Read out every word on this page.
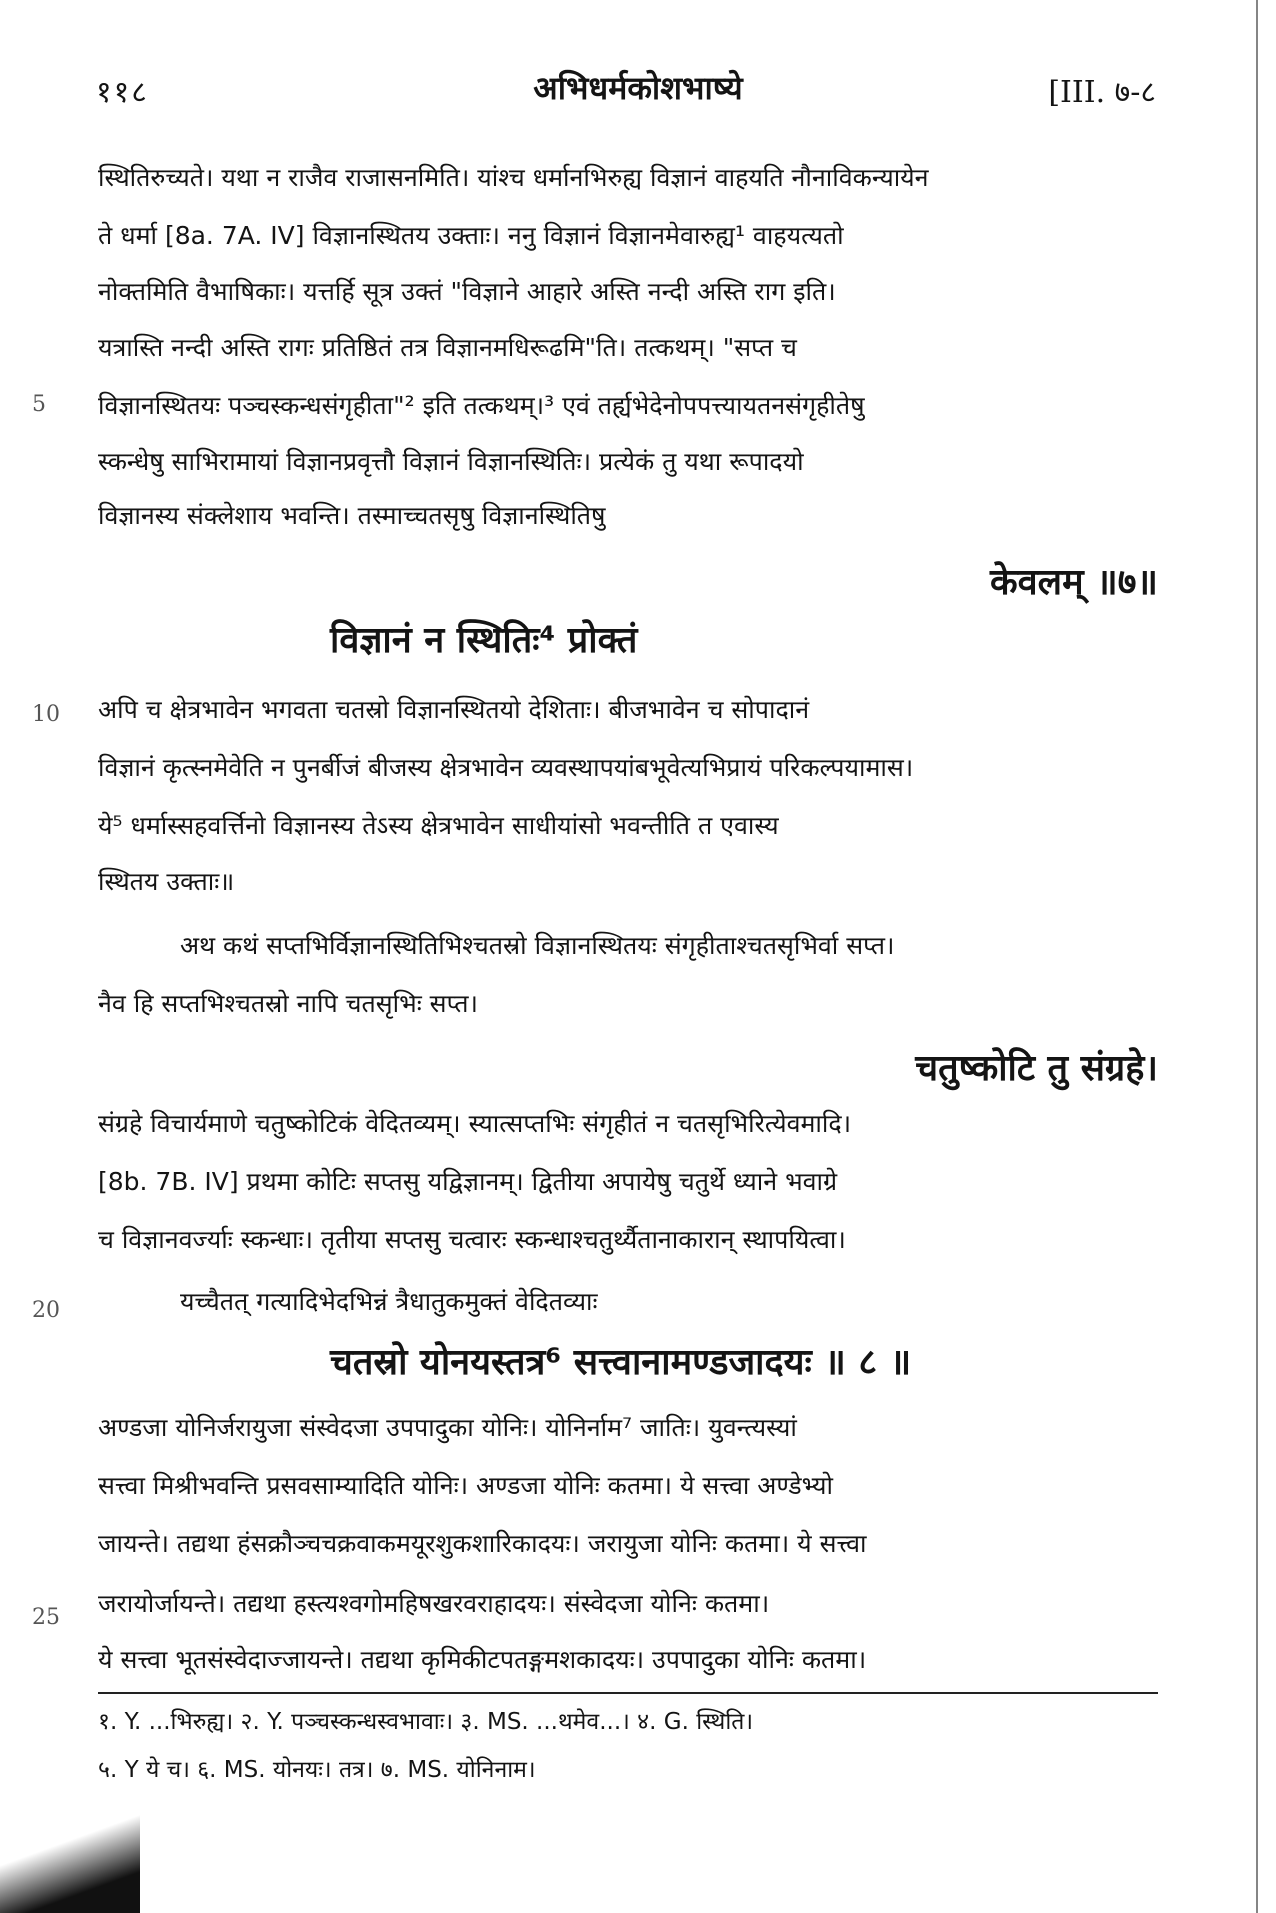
११८	अभिधर्मकोशभाष्ये	[III. ७-८
5
10
20
25
स्थितिरुच्यते। यथा न राजैव राजासनमिति। यांश्च धर्मानभिरुह्य विज्ञानं वाहयति नौनाविकन्यायेन
ते धर्मा [8a. 7A. IV] विज्ञानस्थितय उक्ताः। ननु विज्ञानं विज्ञानमेवारुह्य¹ वाहयत्यतो
नोक्तमिति वैभाषिकाः। यत्तर्हि सूत्र उक्तं "विज्ञाने आहारे अस्ति नन्दी अस्ति राग इति।
यत्रास्ति नन्दी अस्ति रागः प्रतिष्ठितं तत्र विज्ञानमधिरूढमि"ति। तत्कथम्। "सप्त च
विज्ञानस्थितयः पञ्चस्कन्धसंगृहीता"² इति तत्कथम्।³ एवं तर्ह्यभेदेनोपपत्त्यायतनसंगृहीतेषु
स्कन्धेषु साभिरामायां विज्ञानप्रवृत्तौ विज्ञानं विज्ञानस्थितिः। प्रत्येकं तु यथा रूपादयो
विज्ञानस्य संक्लेशाय भवन्ति। तस्माच्चतसृषु विज्ञानस्थितिषु
केवलम् ॥७॥
विज्ञानं न स्थितिः⁴ प्रोक्तं
अपि च क्षेत्रभावेन भगवता चतस्रो विज्ञानस्थितयो देशिताः। बीजभावेन च सोपादानं
विज्ञानं कृत्स्नमेवेति न पुनर्बीजं बीजस्य क्षेत्रभावेन व्यवस्थापयांबभूवेत्यभिप्रायं परिकल्पयामास।
ये⁵ धर्मास्सहवर्त्तिनो विज्ञानस्य तेऽस्य क्षेत्रभावेन साधीयांसो भवन्तीति त एवास्य
स्थितय उक्ताः॥
अथ कथं सप्तभिर्विज्ञानस्थितिभिश्चतस्रो विज्ञानस्थितयः संगृहीताश्चतसृभिर्वा सप्त।
नैव हि सप्तभिश्चतस्रो नापि चतसृभिः सप्त।
चतुष्कोटि तु संग्रहे।
संग्रहे विचार्यमाणे चतुष्कोटिकं वेदितव्यम्। स्यात्सप्तभिः संगृहीतं न चतसृभिरित्येवमादि।
[8b. 7B. IV] प्रथमा कोटिः सप्तसु यद्विज्ञानम्। द्वितीया अपायेषु चतुर्थे ध्याने भवाग्रे
च विज्ञानवर्ज्याः स्कन्धाः। तृतीया सप्तसु चत्वारः स्कन्धाश्चतुर्थ्यैतानाकारान् स्थापयित्वा।
यच्चैतत् गत्यादिभेदभिन्नं त्रैधातुकमुक्तं वेदितव्याः
चतस्रो योनयस्तत्र⁶ सत्त्वानामण्डजादयः ॥ ८ ॥
अण्डजा योनिर्जरायुजा संस्वेदजा उपपादुका योनिः। योनिर्नाम⁷ जातिः। युवन्त्यस्यां
सत्त्वा मिश्रीभवन्ति प्रसवसाम्यादिति योनिः। अण्डजा योनिः कतमा। ये सत्त्वा अण्डेभ्यो
जायन्ते। तद्यथा हंसक्रौञ्चचक्रवाकमयूरशुकशारिकादयः। जरायुजा योनिः कतमा। ये सत्त्वा
जरायोर्जायन्ते। तद्यथा हस्त्यश्वगोमहिषखरवराहादयः। संस्वेदजा योनिः कतमा।
ये सत्त्वा भूतसंस्वेदाज्जायन्ते। तद्यथा कृमिकीटपतङ्गमशकादयः। उपपादुका योनिः कतमा।
१. Y. ...भिरुह्य। २. Y. पञ्चस्कन्धस्वभावाः। ३. MS. ...थमेव...। ४. G. स्थिति।
५. Y ये च। ६. MS. योनयः। तत्र। ७. MS. योनिनाम।
